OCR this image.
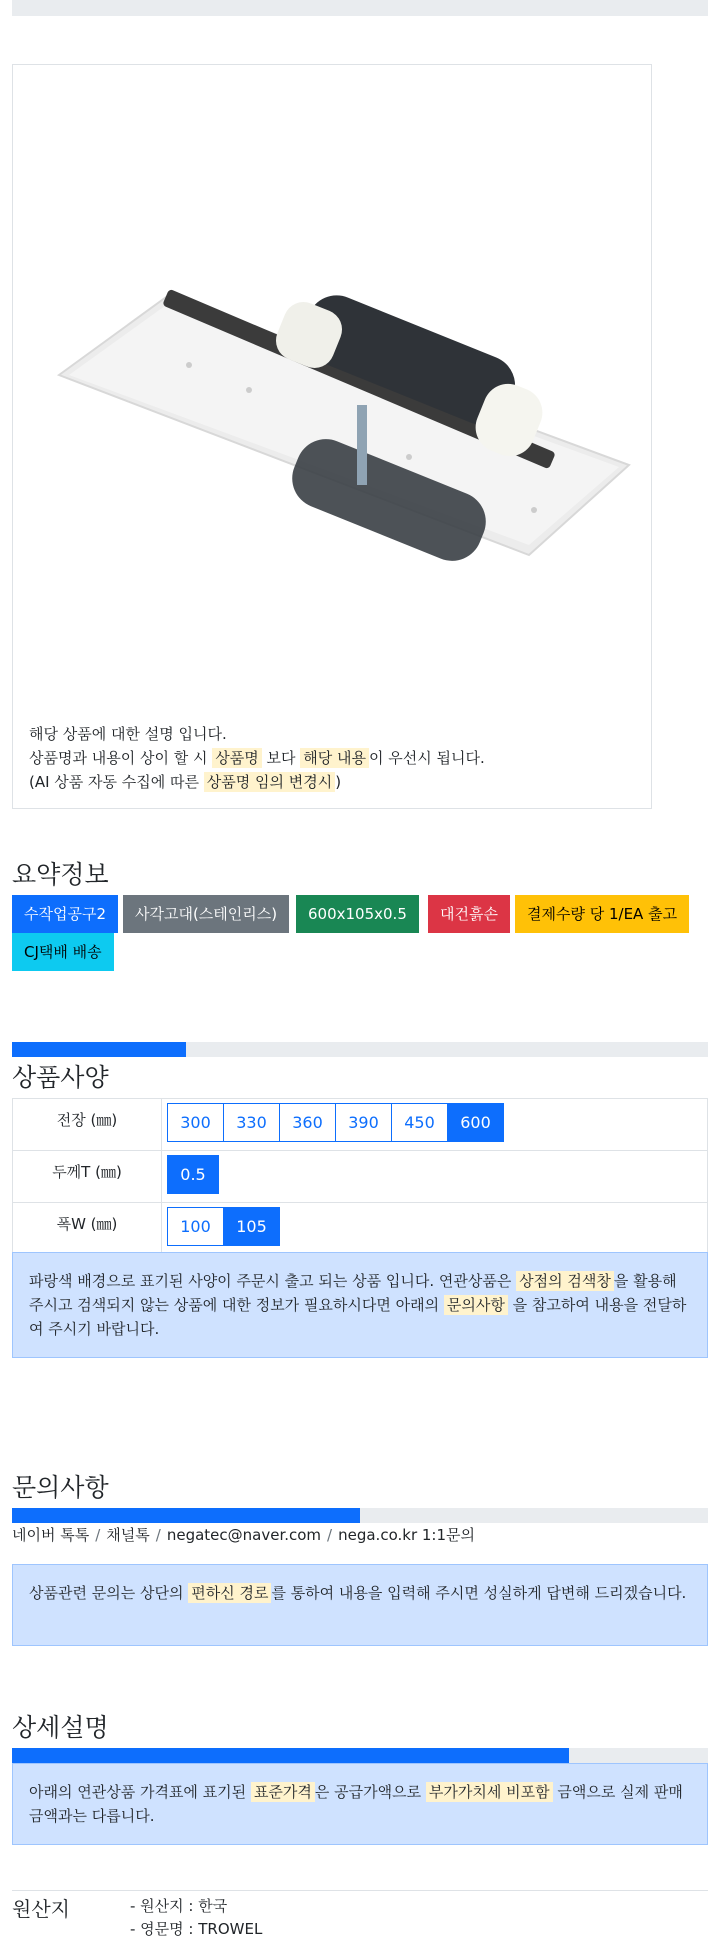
해당 상품에 대한 설명 입니다.
상품명과 내용이 상이 할 시 상품명 보다 해당 내용 이 우선시 됩니다.
(AI 상품 자동 수집에 따른 상품명 임의 변경시 )
요약정보
수작업공구2	사각고대(스테인리스)	600x105x0.5	대건흙손	결제수량 당 1/EA 출고
CJ택배 배송
상품사양
전장 (㎜)	300	330	360	390	450	600
두께T (㎜)	0.5
폭W (㎜)	100	105
파랑색 배경으로 표기된 사양이 주문시 출고 되는 상품 입니다. 연관상품은 상점의 검색창 을 활용해 주시고 검색되지 않는 상품에 대한 정보가 필요하시다면 아래의 문의사항 을 참고하여 내용을 전달하여 주시기 바랍니다.
문의사항
네이버 톡톡 / 채널톡 / negatec@naver.com / nega.co.kr 1:1문의
상품관련 문의는 상단의 편하신 경로 를 통하여 내용을 입력해 주시면 성실하게 답변해 드리겠습니다.
상세설명
아래의 연관상품 가격표에 표기된 표준가격 은 공급가액으로 부가가치세 비포함 금액으로 실제 판매금액과는 다릅니다.
원산지	- 원산지 : 한국
- 영문명 : TROWEL
